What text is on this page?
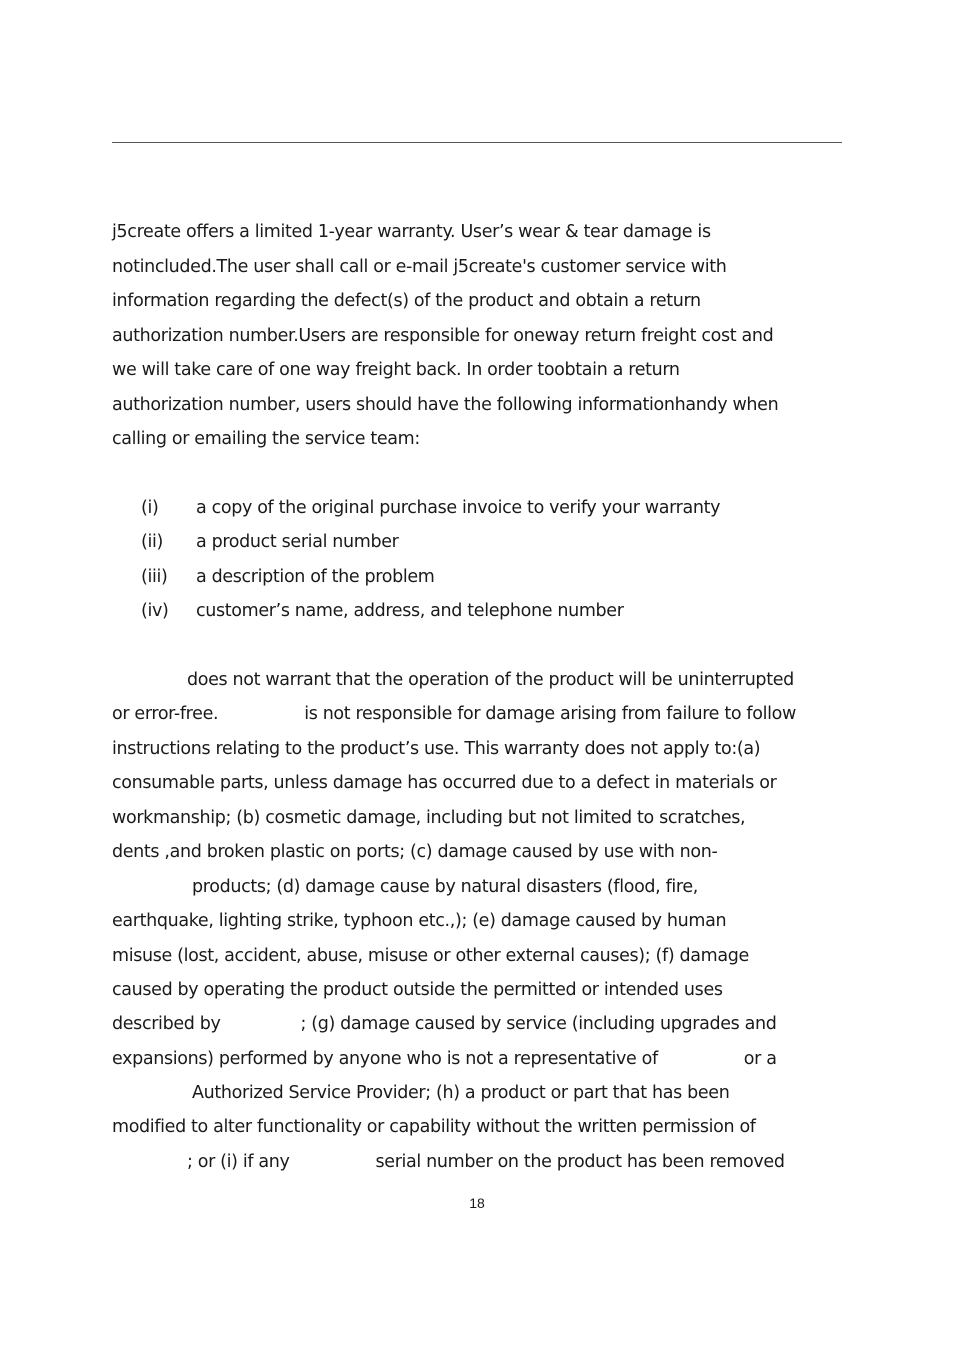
j5create offers a limited 1-year warranty. User’s wear & tear damage is
notincluded.The user shall call or e-mail j5create's customer service with
information regarding the defect(s) of the product and obtain a return
authorization number.Users are responsible for oneway return freight cost and
we will take care of one way freight back. In order toobtain a return
authorization number, users should have the following informationhandy when
calling or emailing the service team:
(i) a copy of the original purchase invoice to verify your warranty
(ii) a product serial number
(iii) a description of the problem
(iv) customer’s name, address, and telephone number
does not warrant that the operation of the product will be uninterrupted
or error-free.	is not responsible for damage arising from failure to follow
instructions relating to the product’s use. This warranty does not apply to:(a)
consumable parts, unless damage has occurred due to a defect in materials or
workmanship; (b) cosmetic damage, including but not limited to scratches,
dents ,and broken plastic on ports; (c) damage caused by use with non-
products; (d) damage cause by natural disasters (flood, fire,
earthquake, lighting strike, typhoon etc.,); (e) damage caused by human
misuse (lost, accident, abuse, misuse or other external causes); (f) damage
caused by operating the product outside the permitted or intended uses
described by	; (g) damage caused by service (including upgrades and
expansions) performed by anyone who is not a representative of	or a
Authorized Service Provider; (h) a product or part that has been
modified to alter functionality or capability without the written permission of
; or (i) if any	serial number on the product has been removed
18
